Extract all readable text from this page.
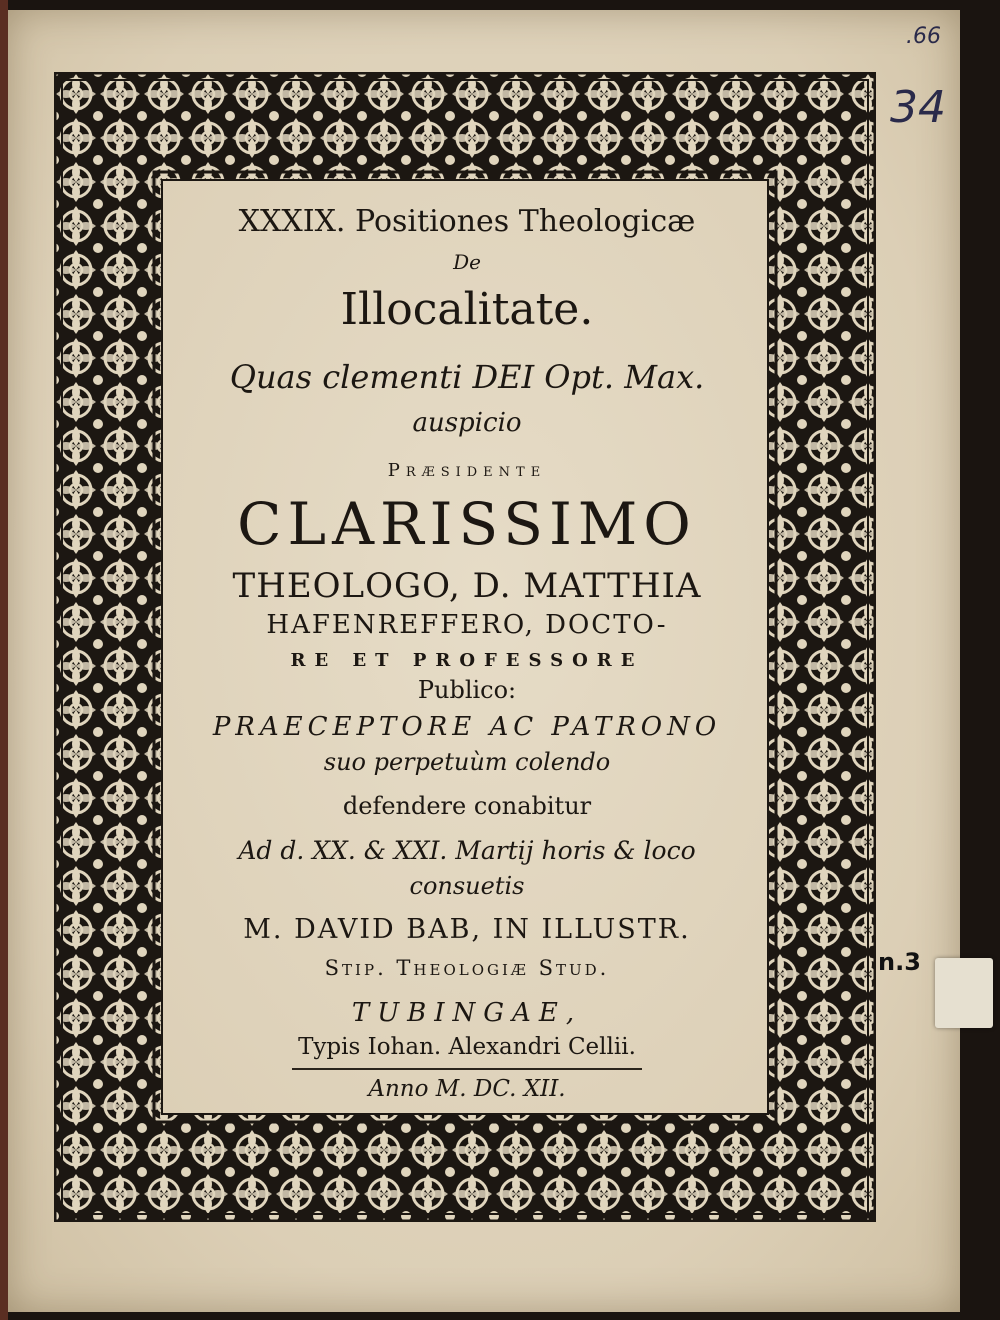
XXXIX. Positiones Theologicæ
De
Illocalitate.
Quas clementi DEI Opt. Max.
auspicio
Præsidente
CLARISSIMO
THEOLOGO, D. MATTHIA
HAFENREFFERO, DOCTO-
RE ET PROFESSORE
Publico:
PRAECEPTORE AC PATRONO
suo perpetuùm colendo
defendere conabitur
Ad d. XX. & XXI. Martij horis & loco
consuetis
M. DAVID BAB, IN ILLUSTR.
Stip. Theologiæ Stud.
TUBINGAE,
Typis Iohan. Alexandri Cellii.
Anno M. DC. XII.
.66
34
n.3
